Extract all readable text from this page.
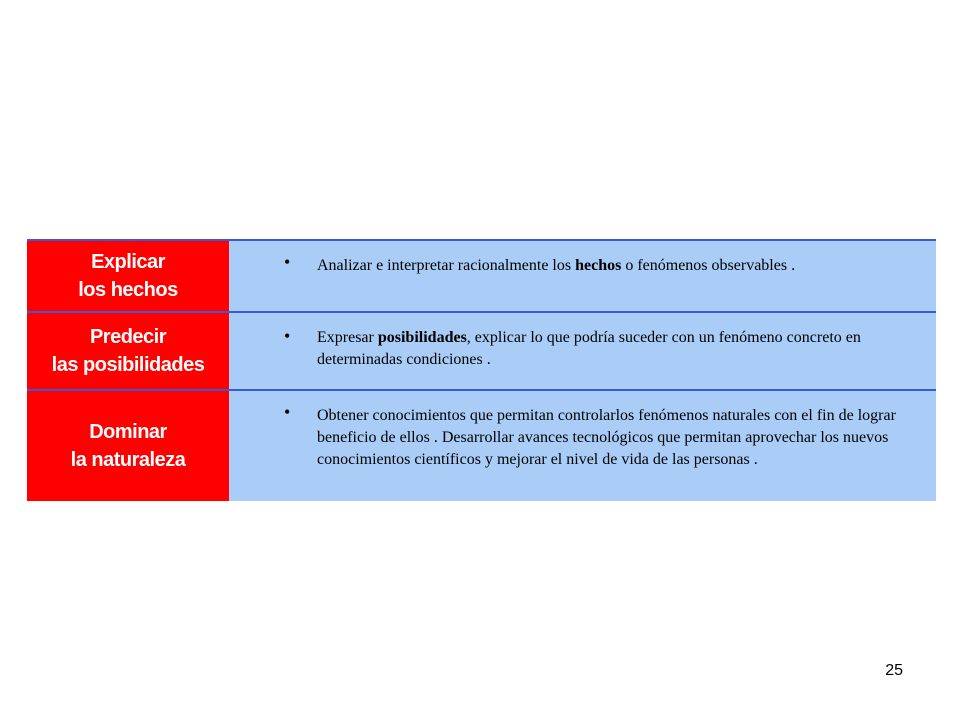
Explicar
los hechos
• Analizar e interpretar racionalmente los hechos o fenómenos observables .
Predecir
las posibilidades
• Expresar posibilidades, explicar lo que podría suceder con un fenómeno concreto en determinadas condiciones .
Dominar
la naturaleza
• Obtener conocimientos que permitan controlarlos fenómenos naturales con el fin de lograr beneficio de ellos . Desarrollar avances tecnológicos que permitan aprovechar los nuevos conocimientos científicos y mejorar el nivel de vida de las personas .
25
